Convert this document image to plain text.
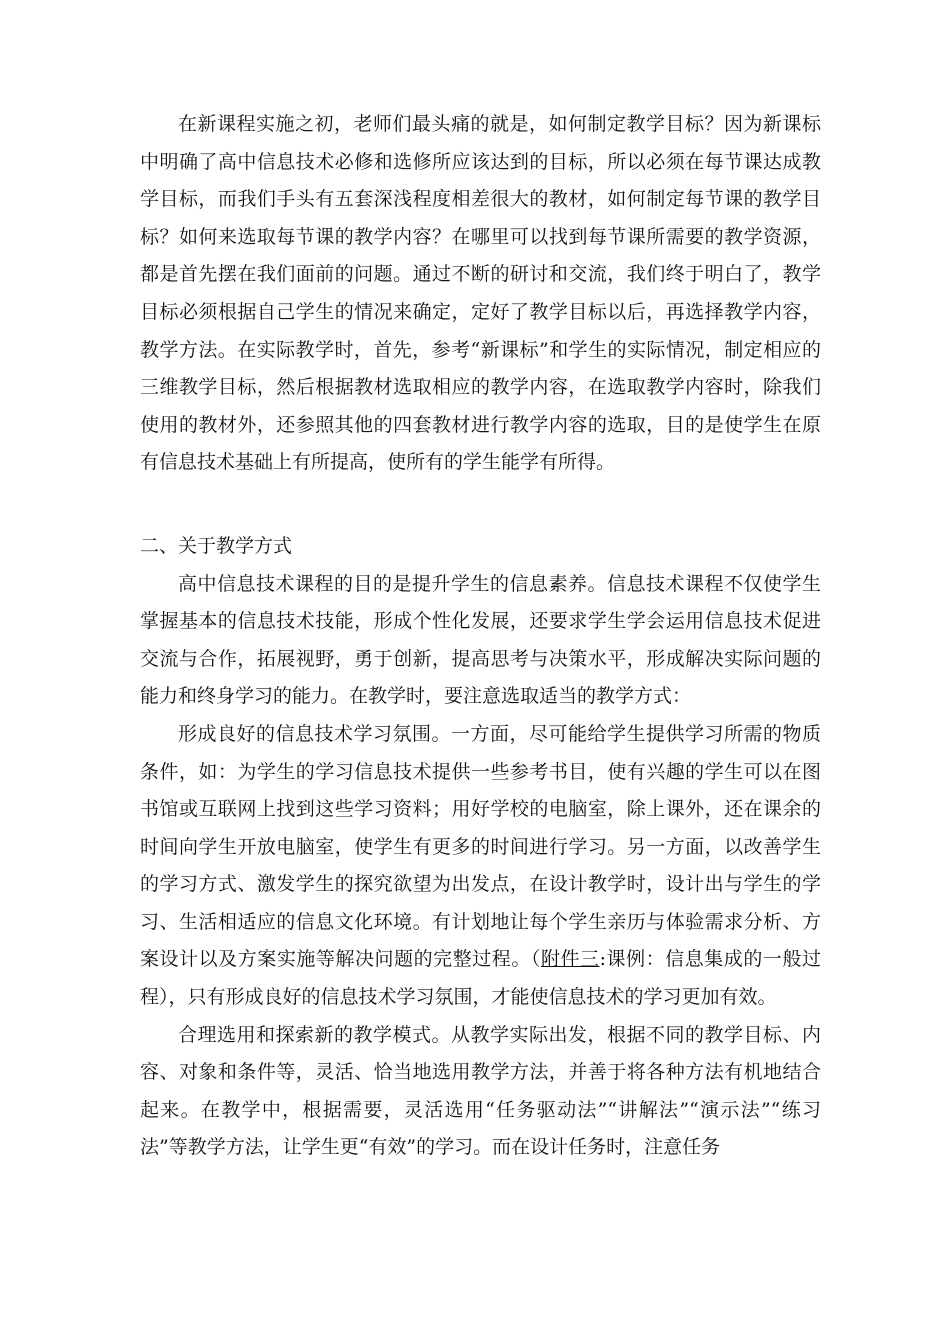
在新课程实施之初，老师们最头痛的就是，如何制定教学目标？因为新课标中明确了高中信息技术必修和选修所应该达到的目标，所以必须在每节课达成教学目标，而我们手头有五套深浅程度相差很大的教材，如何制定每节课的教学目标？如何来选取每节课的教学内容？在哪里可以找到每节课所需要的教学资源，都是首先摆在我们面前的问题。通过不断的研讨和交流，我们终于明白了，教学目标必须根据自己学生的情况来确定，定好了教学目标以后，再选择教学内容，教学方法。在实际教学时，首先，参考“新课标”和学生的实际情况，制定相应的三维教学目标，然后根据教材选取相应的教学内容，在选取教学内容时，除我们使用的教材外，还参照其他的四套教材进行教学内容的选取，目的是使学生在原有信息技术基础上有所提高，使所有的学生能学有所得。

二、关于教学方式

高中信息技术课程的目的是提升学生的信息素养。信息技术课程不仅使学生掌握基本的信息技术技能，形成个性化发展，还要求学生学会运用信息技术促进交流与合作，拓展视野，勇于创新，提高思考与决策水平，形成解决实际问题的能力和终身学习的能力。在教学时，要注意选取适当的教学方式：

形成良好的信息技术学习氛围。一方面，尽可能给学生提供学习所需的物质条件，如：为学生的学习信息技术提供一些参考书目，使有兴趣的学生可以在图书馆或互联网上找到这些学习资料；用好学校的电脑室，除上课外，还在课余的时间向学生开放电脑室，使学生有更多的时间进行学习。另一方面，以改善学生的学习方式、激发学生的探究欲望为出发点，在设计教学时，设计出与学生的学习、生活相适应的信息文化环境。有计划地让每个学生亲历与体验需求分析、方案设计以及方案实施等解决问题的完整过程。（附件三:课例：信息集成的一般过程），只有形成良好的信息技术学习氛围，才能使信息技术的学习更加有效。

合理选用和探索新的教学模式。从教学实际出发，根据不同的教学目标、内容、对象和条件等，灵活、恰当地选用教学方法，并善于将各种方法有机地结合起来。在教学中，根据需要，灵活选用“任务驱动法”“讲解法”“演示法”“练习法”等教学方法，让学生更“有效”的学习。而在设计任务时，注意任务
